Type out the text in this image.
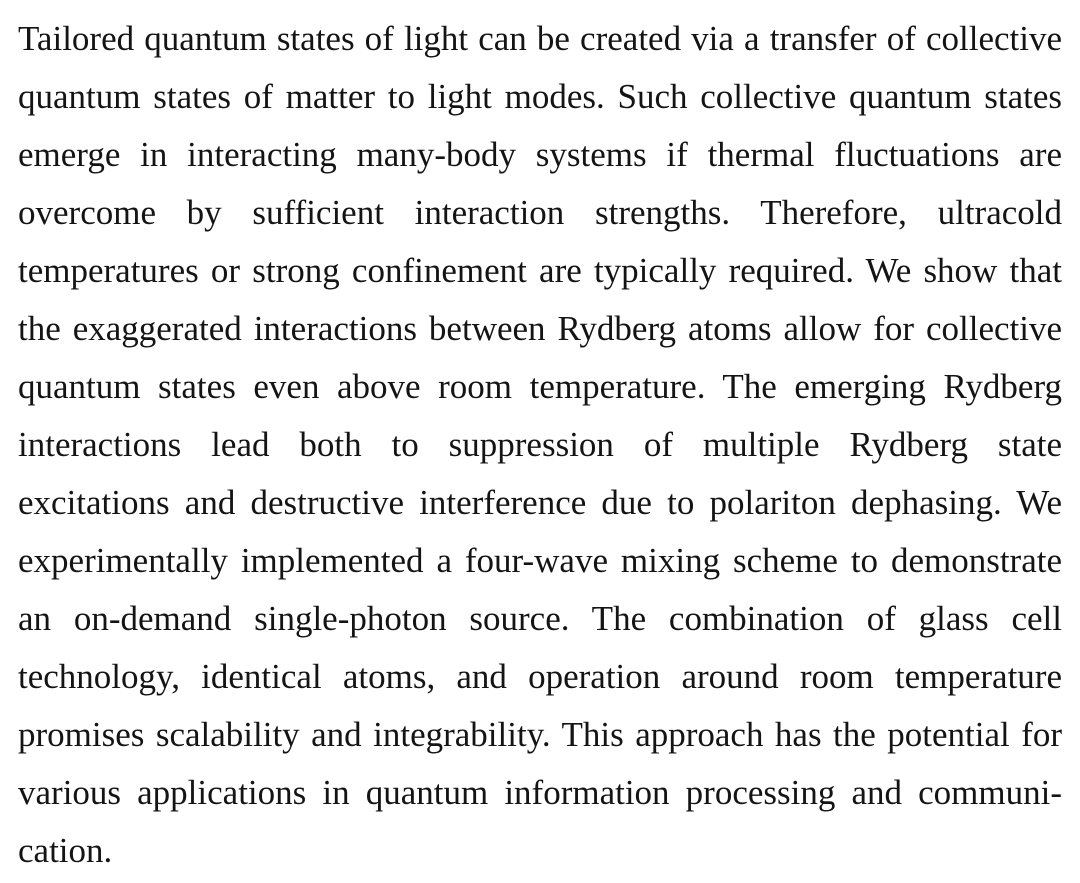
Tailored quantum states of light can be created via a transfer of collective
quantum states of matter to light modes. Such collective quantum states
emerge in interacting many-body systems if thermal fluctuations are
overcome by sufficient interaction strengths. Therefore, ultracold
temperatures or strong confinement are typically required. We show that
the exaggerated interactions between Rydberg atoms allow for collective
quantum states even above room temperature. The emerging Rydberg
interactions lead both to suppression of multiple Rydberg state
excitations and destructive interference due to polariton dephasing. We
experimentally implemented a four-wave mixing scheme to demonstrate
an on-demand single-photon source. The combination of glass cell
technology, identical atoms, and operation around room temperature
promises scalability and integrability. This approach has the potential for
various applications in quantum information processing and communi-
cation.
